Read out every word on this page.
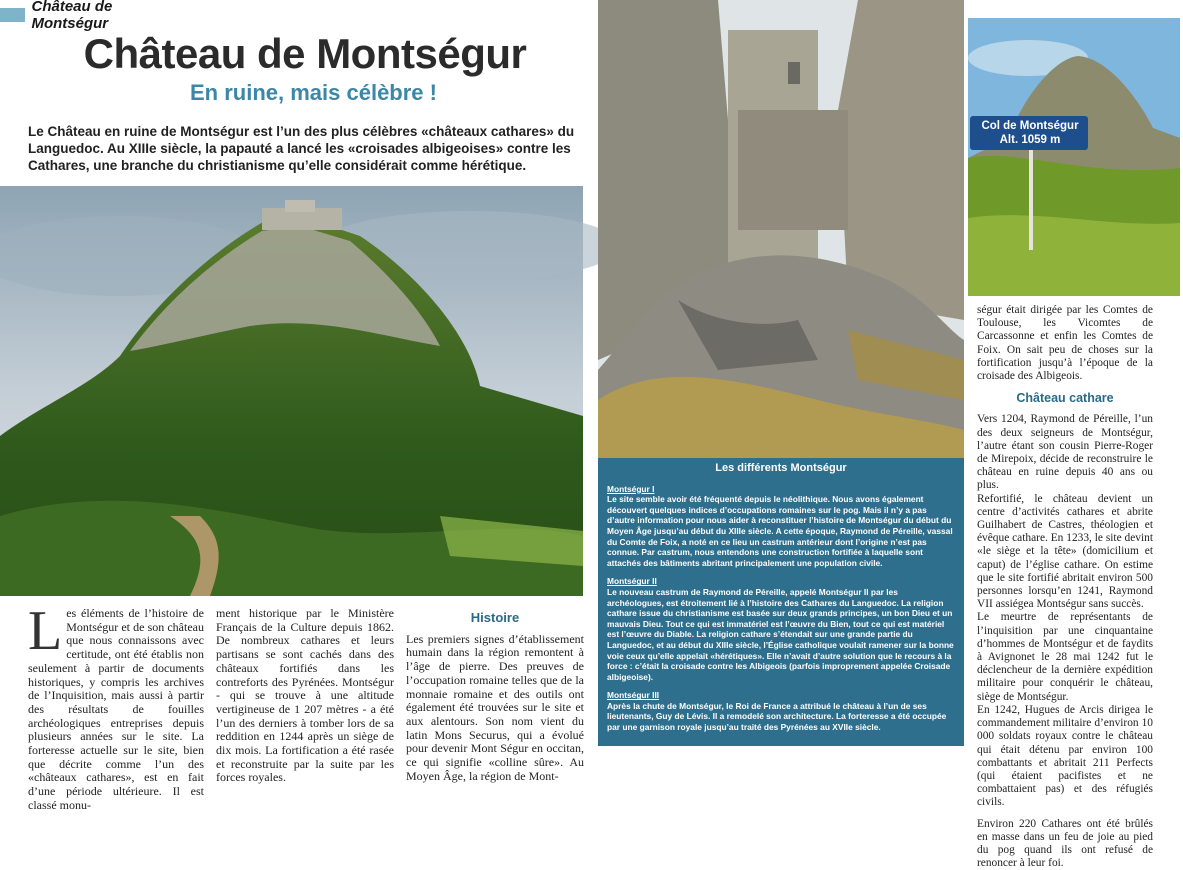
Château de Montségur
Château de Montségur
En ruine, mais célèbre !
Le Château en ruine de Montségur est l’un des plus célèbres «châteaux cathares» du Languedoc. Au XIIIe siècle, la papauté a lancé les «croisades albigeoises» contre les Cathares, une branche du christianisme qu’elle considérait comme hérétique.
Col de Montségur
Alt. 1059 m
Les éléments de l’histoire de Montségur et de son château que nous connaissons avec certitude, ont été établis non seulement à partir de documents historiques, y compris les archives de l’Inquisition, mais aussi à partir des résultats de fouilles archéologiques entreprises depuis plusieurs années sur le site. La forteresse actuelle sur le site, bien que décrite comme l’un des «châteaux cathares», est en fait d’une période ultérieure. Il est classé monu-
ment historique par le Ministère Français de la Culture depuis 1862. De nombreux cathares et leurs partisans se sont cachés dans des châteaux fortifiés dans les contreforts des Pyrénées. Montségur - qui se trouve à une altitude vertigineuse de 1 207 mètres - a été l’un des derniers à tomber lors de sa reddition en 1244 après un siège de dix mois. La fortification a été rasée et reconstruite par la suite par les forces royales.
Histoire
Les premiers signes d’établissement humain dans la région remontent à l’âge de pierre. Des preuves de l’occupation romaine telles que de la monnaie romaine et des outils ont également été trouvées sur le site et aux alentours. Son nom vient du latin Mons Securus, qui a évolué pour devenir Mont Ségur en occitan, ce qui signifie «colline sûre». Au Moyen Âge, la région de Mont-
Les différents Montségur
Montségur I
Le site semble avoir été fréquenté depuis le néolithique. Nous avons également découvert quelques indices d’occupations romaines sur le pog. Mais il n’y a pas d’autre information pour nous aider à reconstituer l’histoire de Montségur du début du Moyen Âge jusqu’au début du XIIIe siècle. A cette époque, Raymond de Péreille, vassal du Comte de Foix, a noté en ce lieu un castrum antérieur dont l’origine n’est pas connue. Par castrum, nous entendons une construction fortifiée à laquelle sont attachés des bâtiments abritant principalement une population civile.
Montségur II
Le nouveau castrum de Raymond de Péreille, appelé Montségur II par les archéologues, est étroitement lié à l’histoire des Cathares du Languedoc. La religion cathare issue du christianisme est basée sur deux grands principes, un bon Dieu et un mauvais Dieu. Tout ce qui est immatériel est l’œuvre du Bien, tout ce qui est matériel est l’œuvre du Diable. La religion cathare s’étendait sur une grande partie du Languedoc, et au début du XIIIe siècle, l’Église catholique voulait ramener sur la bonne voie ceux qu’elle appelait «hérétiques». Elle n’avait d’autre solution que le recours à la force : c’était la croisade contre les Albigeois (parfois improprement appelée Croisade albigeoise).
Montségur III
Après la chute de Montségur, le Roi de France a attribué le château à l’un de ses lieutenants, Guy de Lévis. Il a remodelé son architecture. La forteresse a été occupée par une garnison royale jusqu’au traité des Pyrénées au XVIIe siècle.

ségur était dirigée par les Comtes de Toulouse, les Vicomtes de Carcassonne et enfin les Comtes de Foix. On sait peu de choses sur la fortification jusqu’à l’époque de la croisade des Albigeois.

Château cathare

Vers 1204, Raymond de Péreille, l’un des deux seigneurs de Montségur, l’autre étant son cousin Pierre-Roger de Mirepoix, décide de reconstruire le château en ruine depuis 40 ans ou plus.

Refortifié, le château devient un centre d’activités cathares et abrite Guilhabert de Castres, théologien et évêque cathare. En 1233, le site devint «le siège et la tête» (domicilium et caput) de l’église cathare. On estime que le site fortifié abritait environ 500 personnes lorsqu’en 1241, Raymond VII assiégea Montségur sans succès.

Le meurtre de représentants de l’inquisition par une cinquantaine d’hommes de Montségur et de faydits à Avignonet le 28 mai 1242 fut le déclencheur de la dernière expédition militaire pour conquérir le château, siège de Montségur.

En 1242, Hugues de Arcis dirigea le commandement militaire d’environ 10 000 soldats royaux contre le château qui était détenu par environ 100 combattants et abritait 211 Perfects (qui étaient pacifistes et ne combattaient pas) et des réfugiés civils.

Environ 220 Cathares ont été brûlés en masse dans un feu de joie au pied du pog quand ils ont refusé de renoncer à leur foi.
